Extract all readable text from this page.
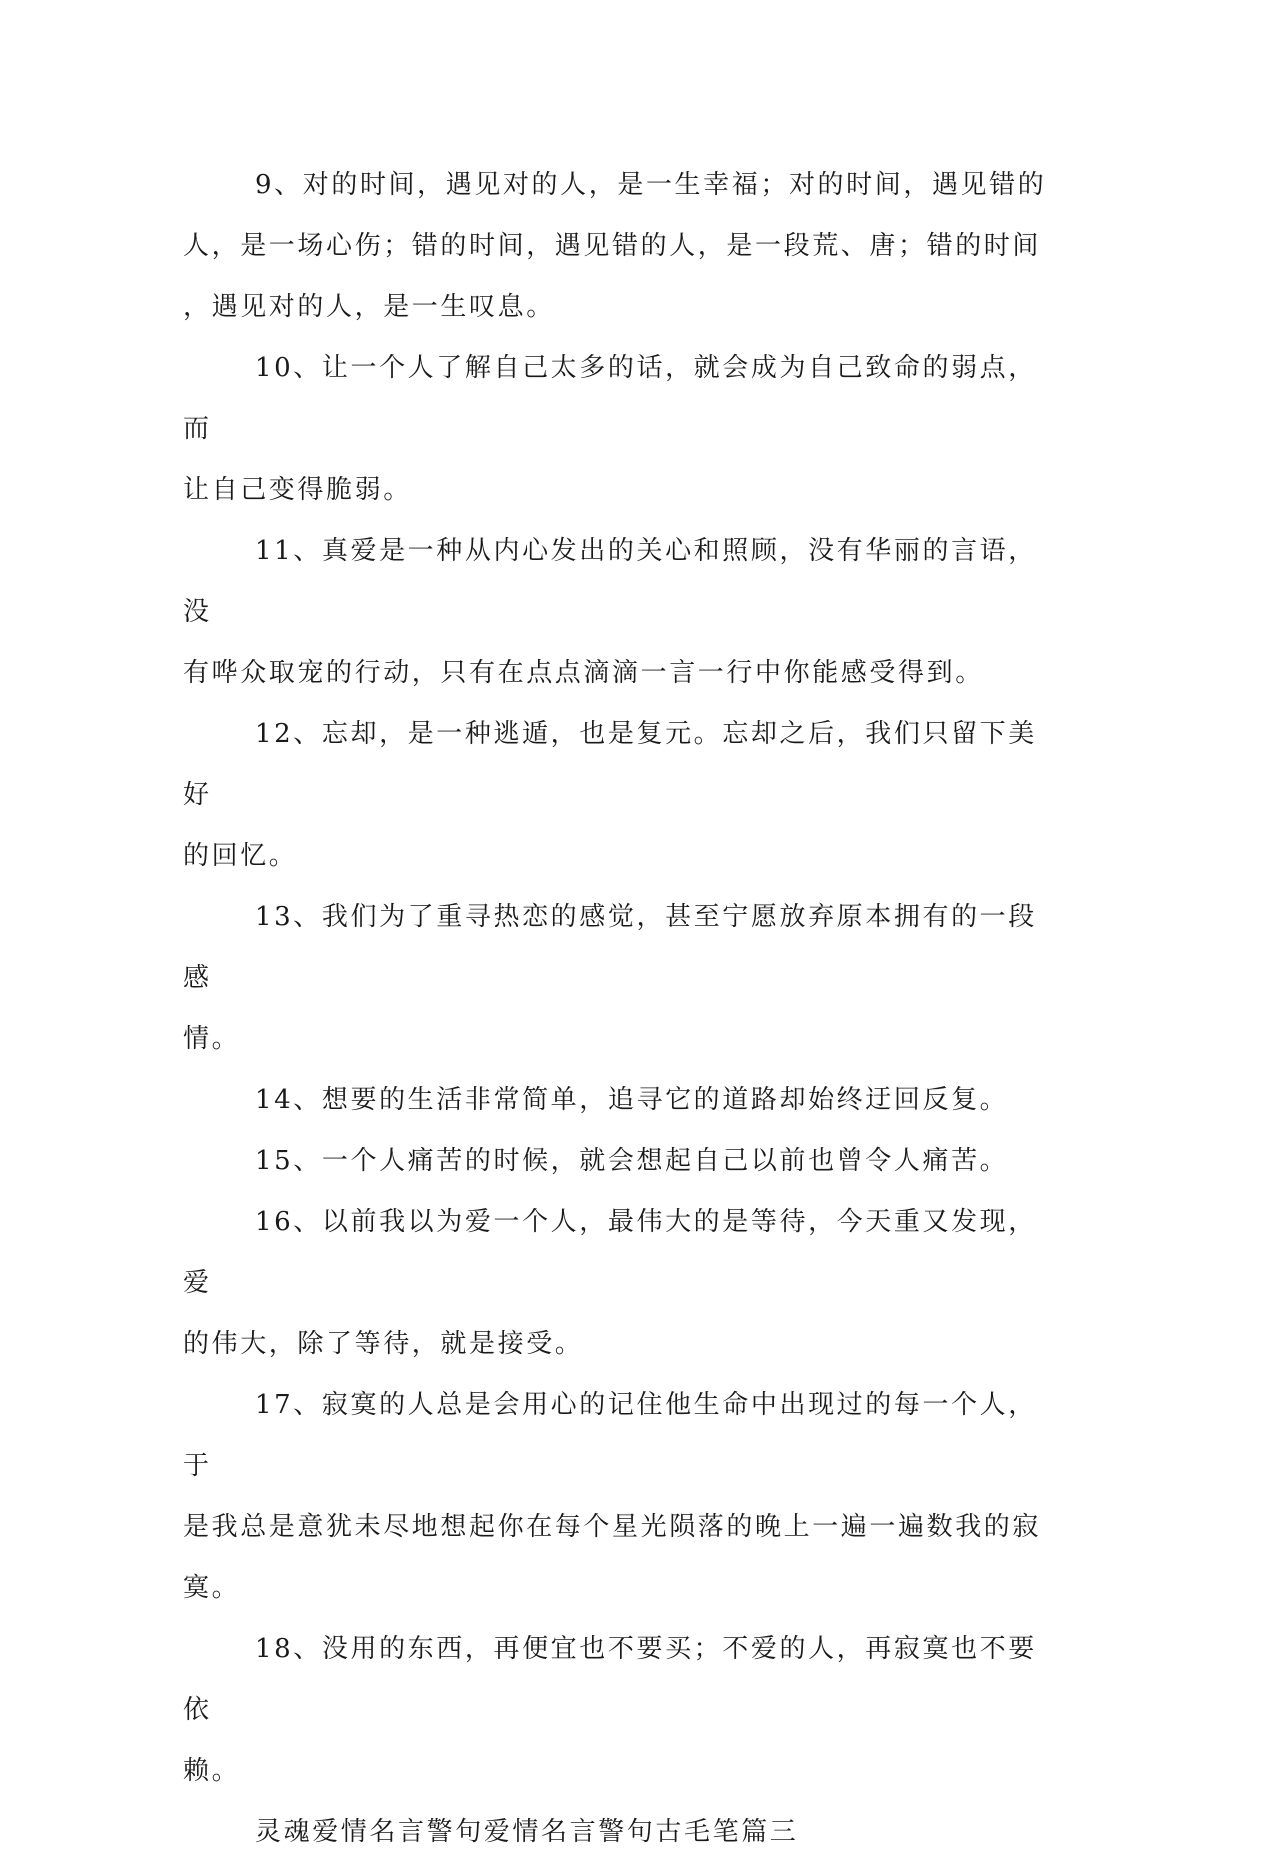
9、对的时间，遇见对的人，是一生幸福；对的时间，遇见错的
人，是一场心伤；错的时间，遇见错的人，是一段荒、唐；错的时间
，遇见对的人，是一生叹息。

10、让一个人了解自己太多的话，就会成为自己致命的弱点，而
让自己变得脆弱。

11、真爱是一种从内心发出的关心和照顾，没有华丽的言语，没
有哗众取宠的行动，只有在点点滴滴一言一行中你能感受得到。

12、忘却，是一种逃遁，也是复元。忘却之后，我们只留下美好
的回忆。

13、我们为了重寻热恋的感觉，甚至宁愿放弃原本拥有的一段感
情。

14、想要的生活非常简单，追寻它的道路却始终迂回反复。

15、一个人痛苦的时候，就会想起自己以前也曾令人痛苦。

16、以前我以为爱一个人，最伟大的是等待，今天重又发现，爱
的伟大，除了等待，就是接受。

17、寂寞的人总是会用心的记住他生命中出现过的每一个人，于
是我总是意犹未尽地想起你在每个星光陨落的晚上一遍一遍数我的寂
寞。

18、没用的东西，再便宜也不要买；不爱的人，再寂寞也不要依
赖。

灵魂爱情名言警句爱情名言警句古毛笔篇三
